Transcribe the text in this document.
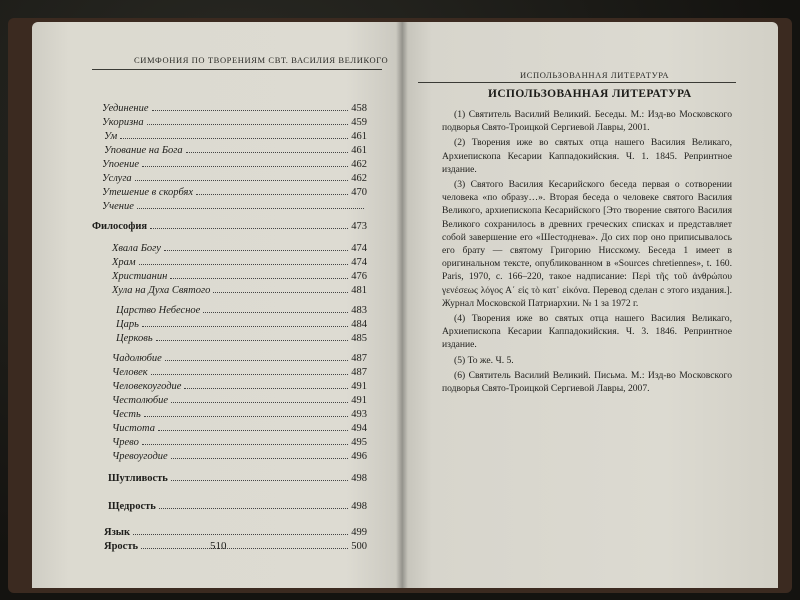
СИМФОНИЯ ПО ТВОРЕНИЯМ СВТ. ВАСИЛИЯ ВЕЛИКОГО
Уединение	458
Укоризна	459
Ум	461
Упование на Бога	461
Упоение	462
Услуга	462
Утешение в скорбях	470
Учение
Философия	473
Хвала Богу	474
Храм	474
Христианин	476
Хула на Духа Святого	481
Царство Небесное	483
Царь	484
Церковь	485
Чадолюбие	487
Человек	487
Человекоугодие	491
Честолюбие	491
Честь	493
Чистота	494
Чрево	495
Чревоугодие	496
Шутливость	498
Щедрость	498
Язык	499
Ярость	500
510
ИСПОЛЬЗОВАННАЯ ЛИТЕРАТУРА
ИСПОЛЬЗОВАННАЯ ЛИТЕРАТУРА

(1) Святитель Василий Великий. Беседы. М.: Изд-во Московского подворья Свято-Троицкой Сергиевой Лавры, 2001.

(2) Творения иже во святых отца нашего Василия Великаго, Архиепископа Кесарии Каппадокийския. Ч. 1. 1845. Репринтное издание.

(3) Святого Василия Кесарийского беседа первая о сотворении человека «по образу…». Вторая беседа о человеке святого Василия Великого, архиепископа Кесарийского [Это творение святого Василия Великого сохранилось в древних греческих списках и представляет собой завершение его «Шестоднева». До сих пор оно приписывалось его брату — святому Григорию Нисскому. Беседа 1 имеет в оригинальном тексте, опубликованном в «Sources chretiennes», t. 160. Paris, 1970, c. 166–220, такое надписание: Περὶ τῆς τοῦ ἀνθρώπου γενέσεως λόγος Α΄ εἰς τὸ κατ᾽ εἰκόνα. Перевод сделан с этого издания.]. Журнал Московской Патриархии. № 1 за 1972 г.

(4) Творения иже во святых отца нашего Василия Великаго, Архиепископа Кесарии Каппадокийския. Ч. 3. 1846. Репринтное издание.

(5) То же. Ч. 5.

(6) Святитель Василий Великий. Письма. М.: Изд-во Московского подворья Свято-Троицкой Сергиевой Лавры, 2007.
